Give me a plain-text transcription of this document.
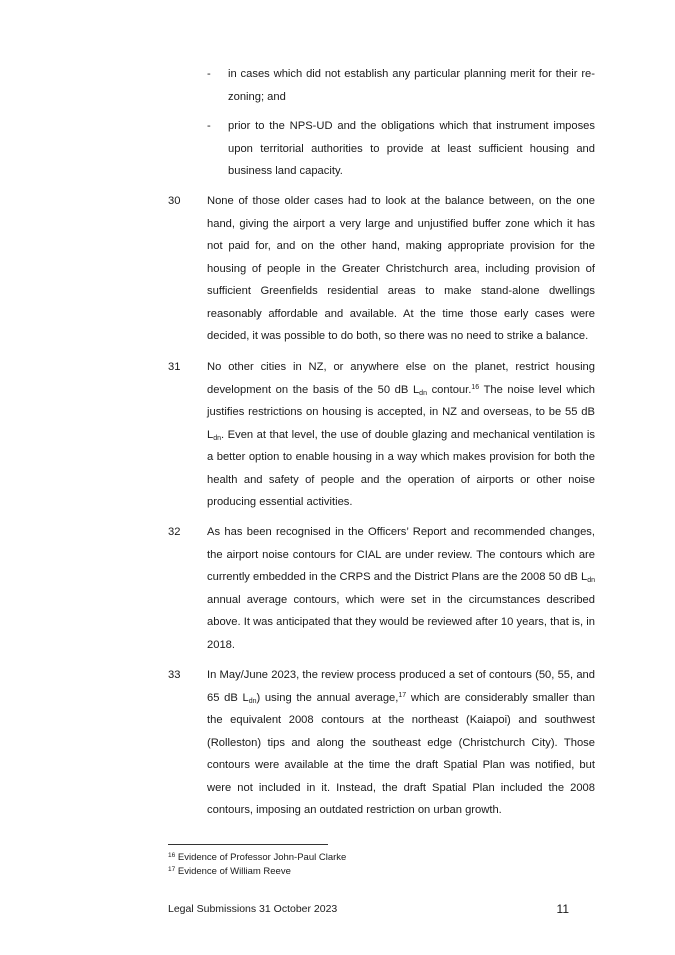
- in cases which did not establish any particular planning merit for their re-zoning; and
- prior to the NPS-UD and the obligations which that instrument imposes upon territorial authorities to provide at least sufficient housing and business land capacity.
30 None of those older cases had to look at the balance between, on the one hand, giving the airport a very large and unjustified buffer zone which it has not paid for, and on the other hand, making appropriate provision for the housing of people in the Greater Christchurch area, including provision of sufficient Greenfields residential areas to make stand-alone dwellings reasonably affordable and available. At the time those early cases were decided, it was possible to do both, so there was no need to strike a balance.
31 No other cities in NZ, or anywhere else on the planet, restrict housing development on the basis of the 50 dB $L_{dn}$ contour.$^{16}$ The noise level which justifies restrictions on housing is accepted, in NZ and overseas, to be 55 dB $L_{dn}$. Even at that level, the use of double glazing and mechanical ventilation is a better option to enable housing in a way which makes provision for both the health and safety of people and the operation of airports or other noise producing essential activities.
32 As has been recognised in the Officers’ Report and recommended changes, the airport noise contours for CIAL are under review. The contours which are currently embedded in the CRPS and the District Plans are the 2008 50 dB $L_{dn}$ annual average contours, which were set in the circumstances described above. It was anticipated that they would be reviewed after 10 years, that is, in 2018.
33 In May/June 2023, the review process produced a set of contours (50, 55, and 65 dB $L_{dn}$) using the annual average,$^{17}$ which are considerably smaller than the equivalent 2008 contours at the northeast (Kaiapoi) and southwest (Rolleston) tips and along the southeast edge (Christchurch City). Those contours were available at the time the draft Spatial Plan was notified, but were not included in it. Instead, the draft Spatial Plan included the 2008 contours, imposing an outdated restriction on urban growth.
$^{16}$ Evidence of Professor John-Paul Clarke
$^{17}$ Evidence of William Reeve
Legal Submissions 31 October 2023	11
